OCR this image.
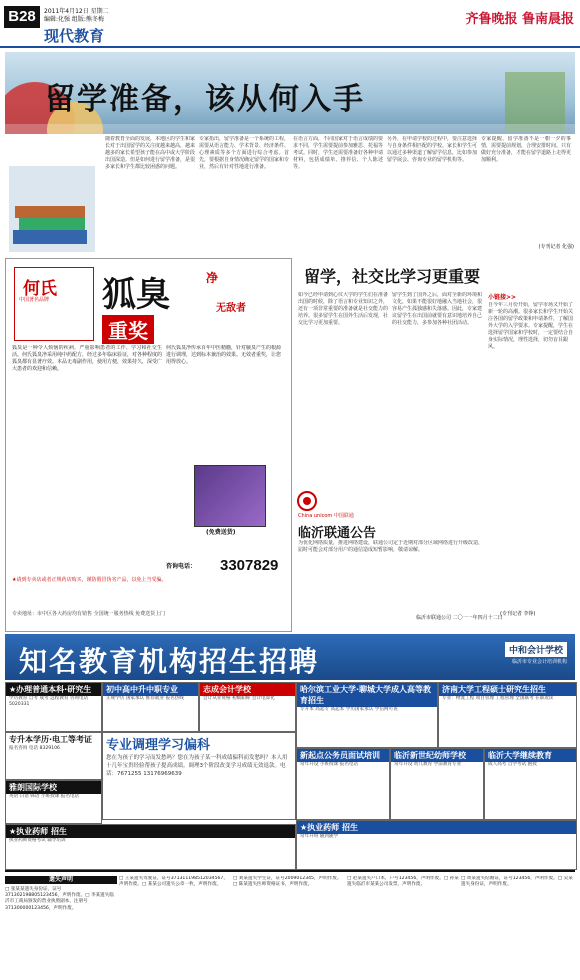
B28	2011年4月12日 星期二
编辑:化强 组版:熊冬梅
现代教育
齐鲁晚报 鲁南晨报
留学准备，该从何入手
随着教育全面的发展，本地区的学生和家长对于出国留学的关注度越来越高，越来越多的家长希望孩子能在高中或大学阶段出国深造。但是如何进行留学准备，是很多家长和学生都比较困惑的问题。
专家指出，留学准备是一个系统的工程，需要从语言能力、学术背景、经济条件、心理素质等多个方面进行综合考虑。首先，要根据自身情况确定留学的国家和专业，然后有针对性地进行准备。
在语言方面，不同国家对于语言成绩的要求不同，学生需要提前参加雅思、托福等考试。同时，学生还需要准备好各种申请材料，包括成绩单、推荐信、个人陈述等。
另外，在申请学校的过程中，要注意选择与自身条件相匹配的学校。家长和学生可以通过多种渠道了解留学信息，比如参加留学展会、咨询专业的留学机构等。
专家提醒，留学准备不是一朝一夕的事情，需要提前规划，合理安排时间。只有做好充分准备，才能在留学道路上走得更加顺利。
(专刊记者 化强)
何氏
中国著名品牌 狐臭	净
无敌者
重奖
狐臭是一种令人烦恼的疾病，严重影响患者的工作、学习和社交生活。何氏狐臭净采用纯中药配方，经过多年临床验证，对各种程度的狐臭都有显著疗效。本品无毒副作用，使用方便，效果持久，深受广大患者的欢迎和信赖。
何氏狐臭净传承百年中医精髓，针对腋臭产生的根源进行调理，达到标本兼治的效果。无效者重奖，让您用得放心。
(免费送货)
咨询电话： 3307829
★请到专卖店或者正规药店购买，谨防假冒伪劣产品，以免上当受骗。
专卖地址：市中区各大药房均有销售 全国统一服务热线 免费送货上门
留学，社交比学习更重要
如今已经申请到心仪大学的学生们在准备出国的时候，除了语言和专业知识之外，还有一项非常重要的准备就是社交能力的培养。很多留学生在国外生活后发现，社交比学习更加重要。
留学生到了国外之后，面对全新的环境和文化，如果不能很好地融入当地社会，很容易产生孤独感和失落感。因此，专家建议留学生在出国前就要有意识地培养自己的社交能力，多参加各种社团活动。
小链接>>
自今年三月份开始，留学市场又开始了新一轮的高潮。很多家长和学生开始关注各国的留学政策和申请条件，了解国外大学的入学要求。专家提醒，学生在选择留学国家和学校时，一定要结合自身实际情况，理性选择，切勿盲目跟风。
(专刊记者 李铮)
China unicom 中国联通
临沂联通公告
为优化网络质量，推进网络建设，联通公司定于近期对部分区域网络进行升级改造，届时可能会对部分用户的通信造成短暂影响，敬请谅解。
临沂市联通公司 二〇一一年四月十二日
知名教育机构招生招聘	中和会计学校
临沂市专业会计培训机构
★办理普通本科·研究生
学历教育 自考 成考 远程教育 咨询电话 5020331
初中高中升中职专业
正规学历 国家承认 推荐就业 报名热线
志成会计学校
会计从业资格 初级职称 会计电算化
哈尔滨工业大学·聊城大学成人高等教育招生
专升本 高起专 高起本 学历国家承认 学信网可查
济南大学工程硕士研究生招生
专业：物流工程 项目管理 工程管理 全国联考 在职攻读
专升本学历·电工等考证
报名咨询 电话 8329106	专业调理学习偏科
您在为孩子的学习而发愁吗？您在为孩子某一科成绩偏科而发愁吗？本人用十几年宝贵经验帮孩子提高成绩。调理3个阶段改变学习成绩无效退款。电话：7671255 13176969639
新起点公务员面试培训
常年开设 小班授课 报名电话
临沂新世纪幼师学校
常年开设 幼儿教育 学前教育专业
临沂大学继续教育
成人高考 自学考试 函授
雅朗国际学校
英语 日语 韩语 小班授课 报名电话
★执业药师 招生
执业药师资格考试 辅导培训
★执业药师 招生
常年开班 随到随学
遗失声明
□ 张某某遗失身份证，证号371302198805123456，声明作废。□ 李某遗失临沂市工商局颁发的营业执照副本，注册号371300000123456，声明作废。
□ 王某遗失驾驶证，证号371311198512034567，声明作废。□ 某某公司遗失公章一枚，声明作废。
□ 刘某遗失学生证，证号2009012345，声明作废。□ 陈某遗失医师资格证书，声明作废。
□ 赵某遗失户口本，户号123456，声明作废。□ 孙某遗失临沂市某某公司发票，声明作废。
□ 周某遗失结婚证，证号123456，声明作废。□ 吴某遗失身份证，声明作废。
